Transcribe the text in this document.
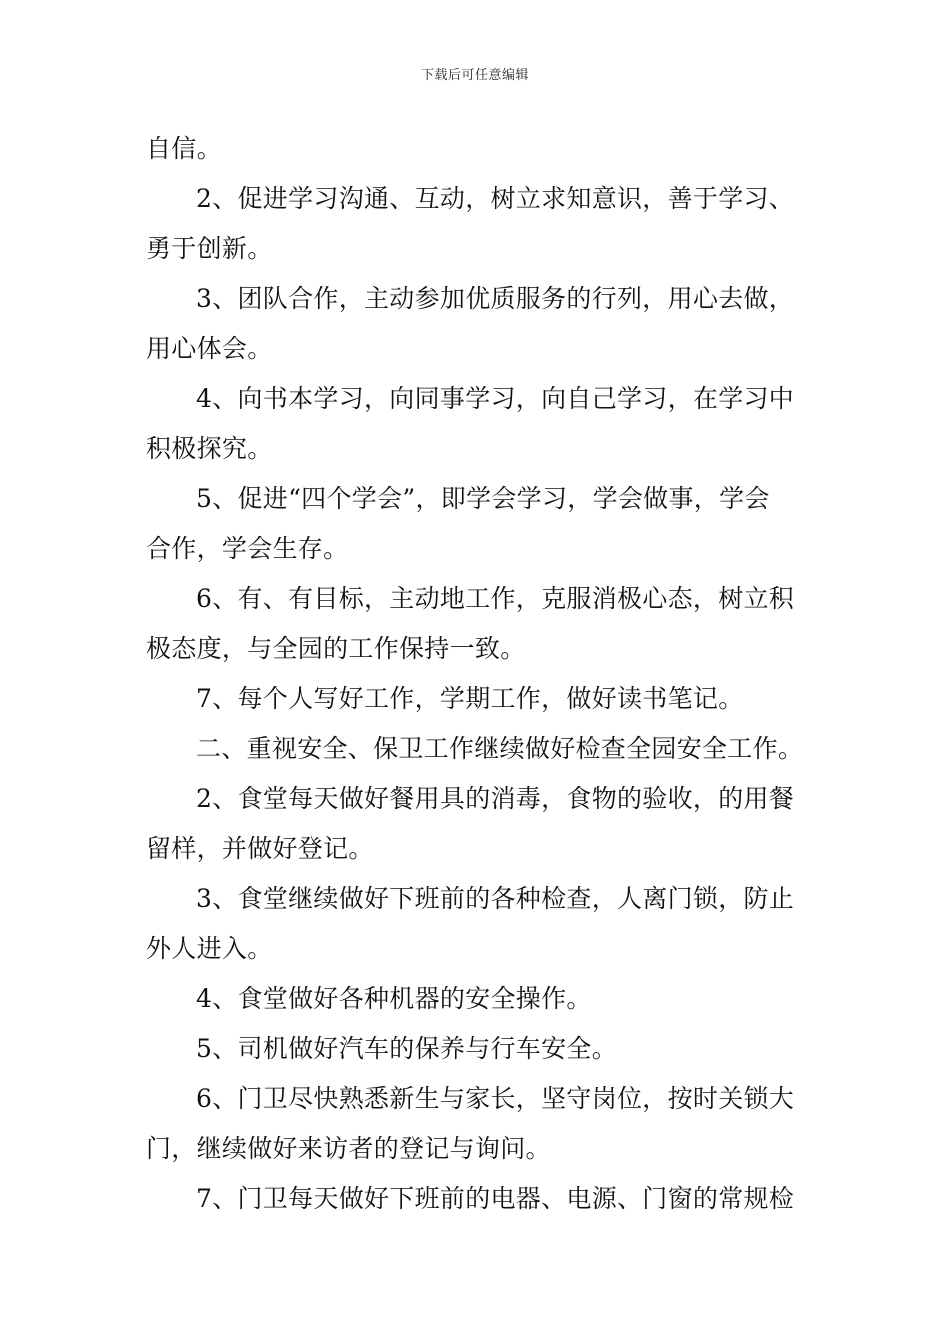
下载后可任意编辑
自信。
2、促进学习沟通、互动，树立求知意识，善于学习、
勇于创新。
3、团队合作，主动参加优质服务的行列，用心去做，
用心体会。
4、向书本学习，向同事学习，向自己学习，在学习中
积极探究。
5、促进“四个学会”，即学会学习，学会做事，学会
合作，学会生存。
6、有、有目标，主动地工作，克服消极心态，树立积
极态度，与全园的工作保持一致。
7、每个人写好工作，学期工作，做好读书笔记。
二、重视安全、保卫工作继续做好检查全园安全工作。
2、食堂每天做好餐用具的消毒，食物的验收，的用餐
留样，并做好登记。
3、食堂继续做好下班前的各种检查，人离门锁，防止
外人进入。
4、食堂做好各种机器的安全操作。
5、司机做好汽车的保养与行车安全。
6、门卫尽快熟悉新生与家长，坚守岗位，按时关锁大
门，继续做好来访者的登记与询问。
7、门卫每天做好下班前的电器、电源、门窗的常规检
